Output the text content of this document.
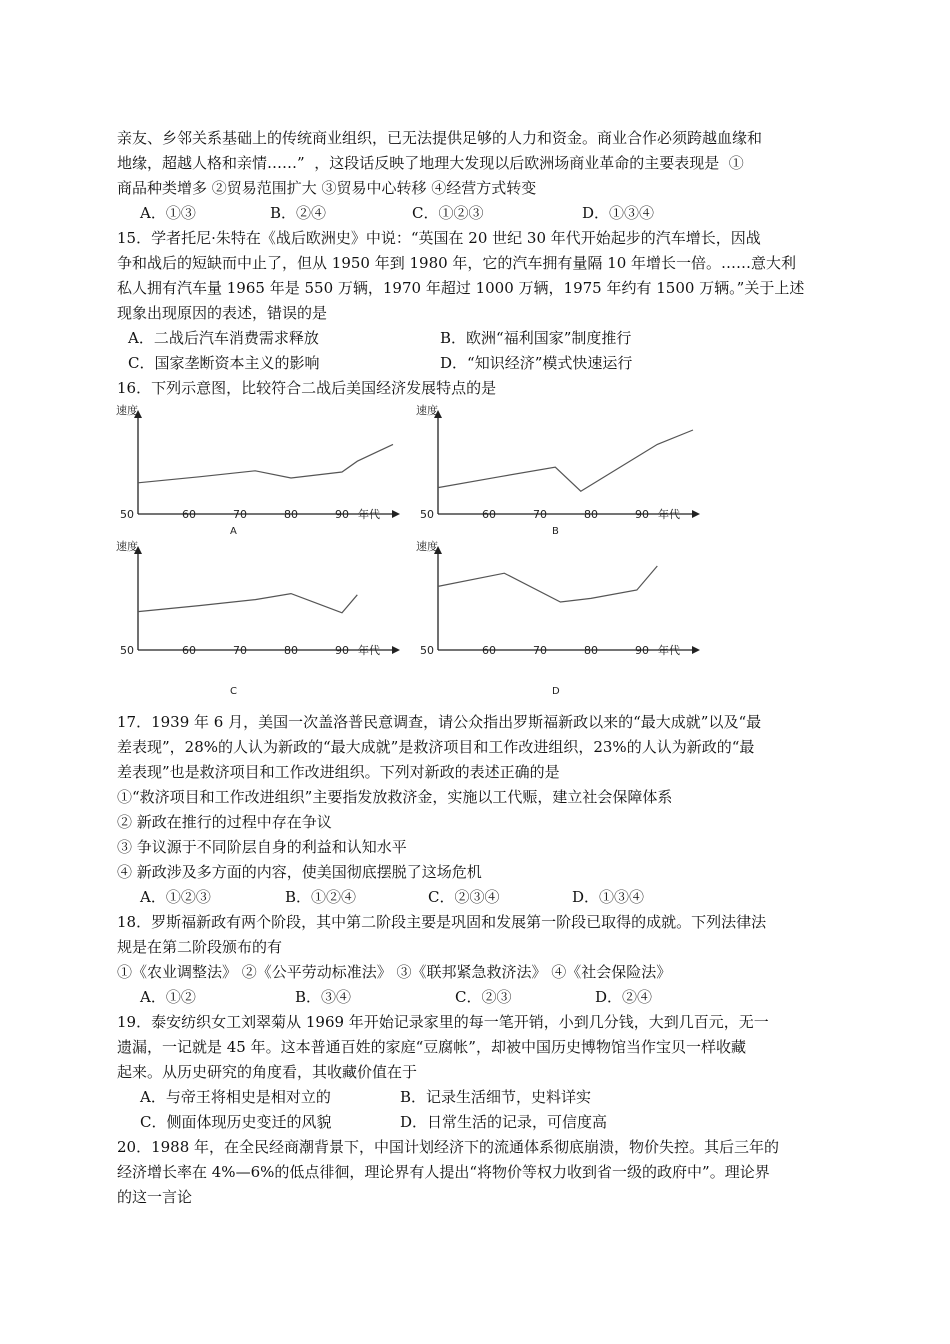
亲友、乡邻关系基础上的传统商业组织，已无法提供足够的人力和资金。商业合作必须跨越血缘和
地缘，超越人格和亲情……”  ，这段话反映了地理大发现以后欧洲场商业革命的主要表现是  ①
商品种类增多 ②贸易范围扩大 ③贸易中心转移 ④经营方式转变
A．①③	B．②④	C．①②③	D．①③④
15．学者托尼·朱特在《战后欧洲史》中说：“英国在 20 世纪 30 年代开始起步的汽车增长，因战
争和战后的短缺而中止了，但从 1950 年到 1980 年，它的汽车拥有量隔 10 年增长一倍。……意大利
私人拥有汽车量 1965 年是 550 万辆，1970 年超过 1000 万辆，1975 年约有 1500 万辆。”关于上述
现象出现原因的表述，错误的是
A．二战后汽车消费需求释放	B．欧洲“福利国家”制度推行
C．国家垄断资本主义的影响	D．“知识经济”模式快速运行
16．下列示意图，比较符合二战后美国经济发展特点的是
速度
50	60	70	80	90 年代
A
速度
50	60	70	80	90 年代
B
速度
50	60	70	80	90 年代
C
速度
50	60	70	80	90 年代
D
17．1939 年 6 月，美国一次盖洛普民意调查，请公众指出罗斯福新政以来的“最大成就”以及“最
差表现”，28%的人认为新政的“最大成就”是救济项目和工作改进组织，23%的人认为新政的“最
差表现”也是救济项目和工作改进组织。下列对新政的表述正确的是
①“救济项目和工作改进组织”主要指发放救济金，实施以工代赈，建立社会保障体系
② 新政在推行的过程中存在争议
③ 争议源于不同阶层自身的利益和认知水平
④ 新政涉及多方面的内容，使美国彻底摆脱了这场危机
A．①②③	B．①②④	C．②③④	D．①③④
18．罗斯福新政有两个阶段，其中第二阶段主要是巩固和发展第一阶段已取得的成就。下列法律法
规是在第二阶段颁布的有
①《农业调整法》 ②《公平劳动标准法》 ③《联邦紧急救济法》 ④《社会保险法》
A．①②	B．③④	C．②③	D．②④
19．泰安纺织女工刘翠菊从 1969 年开始记录家里的每一笔开销，小到几分钱，大到几百元，无一
遗漏，一记就是 45 年。这本普通百姓的家庭“豆腐帐”，却被中国历史博物馆当作宝贝一样收藏
起来。从历史研究的角度看，其收藏价值在于
A．与帝王将相史是相对立的	B．记录生活细节，史料详实
C．侧面体现历史变迁的风貌	D．日常生活的记录，可信度高
20．1988 年，在全民经商潮背景下，中国计划经济下的流通体系彻底崩溃，物价失控。其后三年的
经济增长率在 4%—6%的低点徘徊，理论界有人提出“将物价等权力收到省一级的政府中”。理论界
的这一言论
